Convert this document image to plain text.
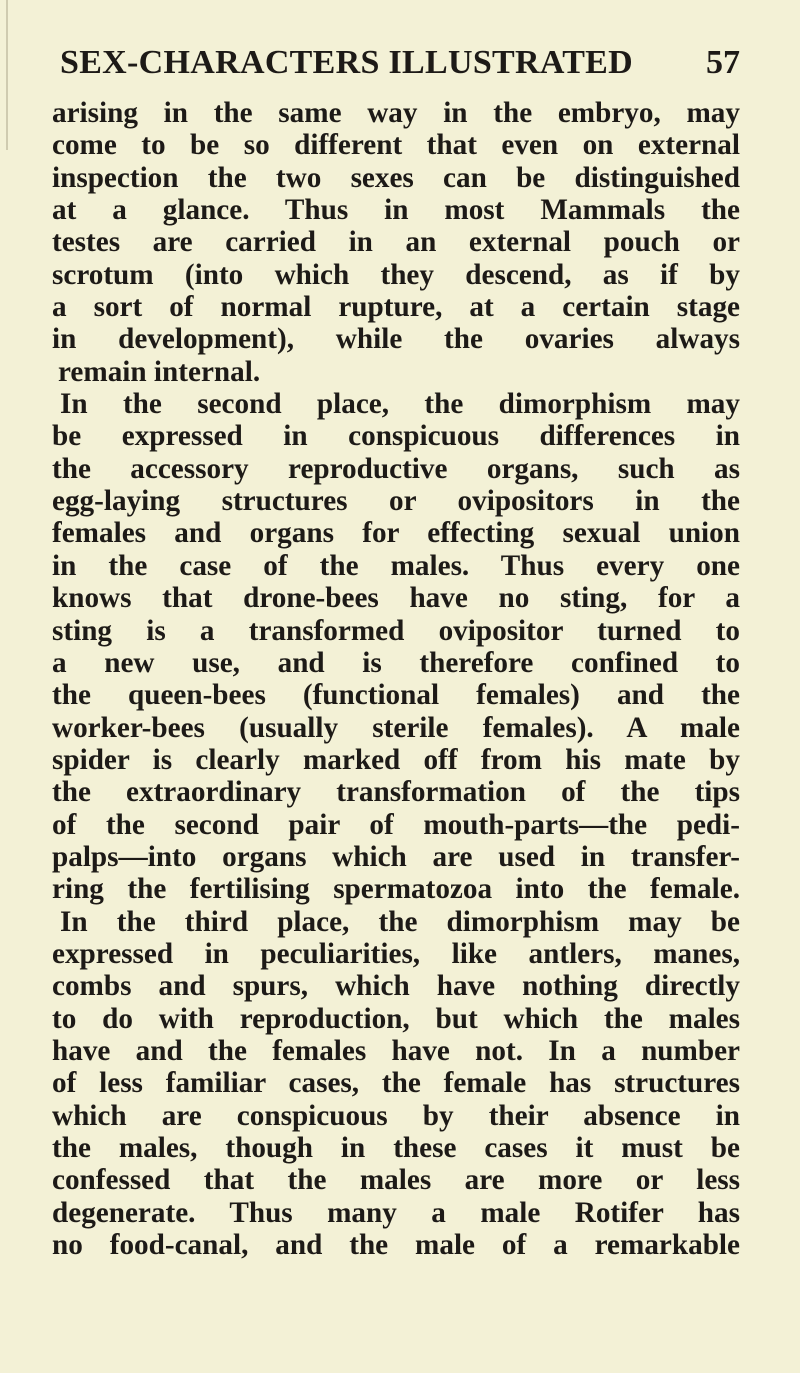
SEX-CHARACTERS ILLUSTRATED 57
arising in the same way in the embryo, may
come to be so different that even on external
inspection the two sexes can be distinguished
at a glance. Thus in most Mammals the
testes are carried in an external pouch or
scrotum (into which they descend, as if by
a sort of normal rupture, at a certain stage
in development), while the ovaries always
remain internal.
In the second place, the dimorphism may
be expressed in conspicuous differences in
the accessory reproductive organs, such as
egg-laying structures or ovipositors in the
females and organs for effecting sexual union
in the case of the males. Thus every one
knows that drone-bees have no sting, for a
sting is a transformed ovipositor turned to
a new use, and is therefore confined to
the queen-bees (functional females) and the
worker-bees (usually sterile females). A male
spider is clearly marked off from his mate by
the extraordinary transformation of the tips
of the second pair of mouth-parts—the pedi-
palps—into organs which are used in transfer-
ring the fertilising spermatozoa into the female.
In the third place, the dimorphism may be
expressed in peculiarities, like antlers, manes,
combs and spurs, which have nothing directly
to do with reproduction, but which the males
have and the females have not. In a number
of less familiar cases, the female has structures
which are conspicuous by their absence in
the males, though in these cases it must be
confessed that the males are more or less
degenerate. Thus many a male Rotifer has
no food-canal, and the male of a remarkable
